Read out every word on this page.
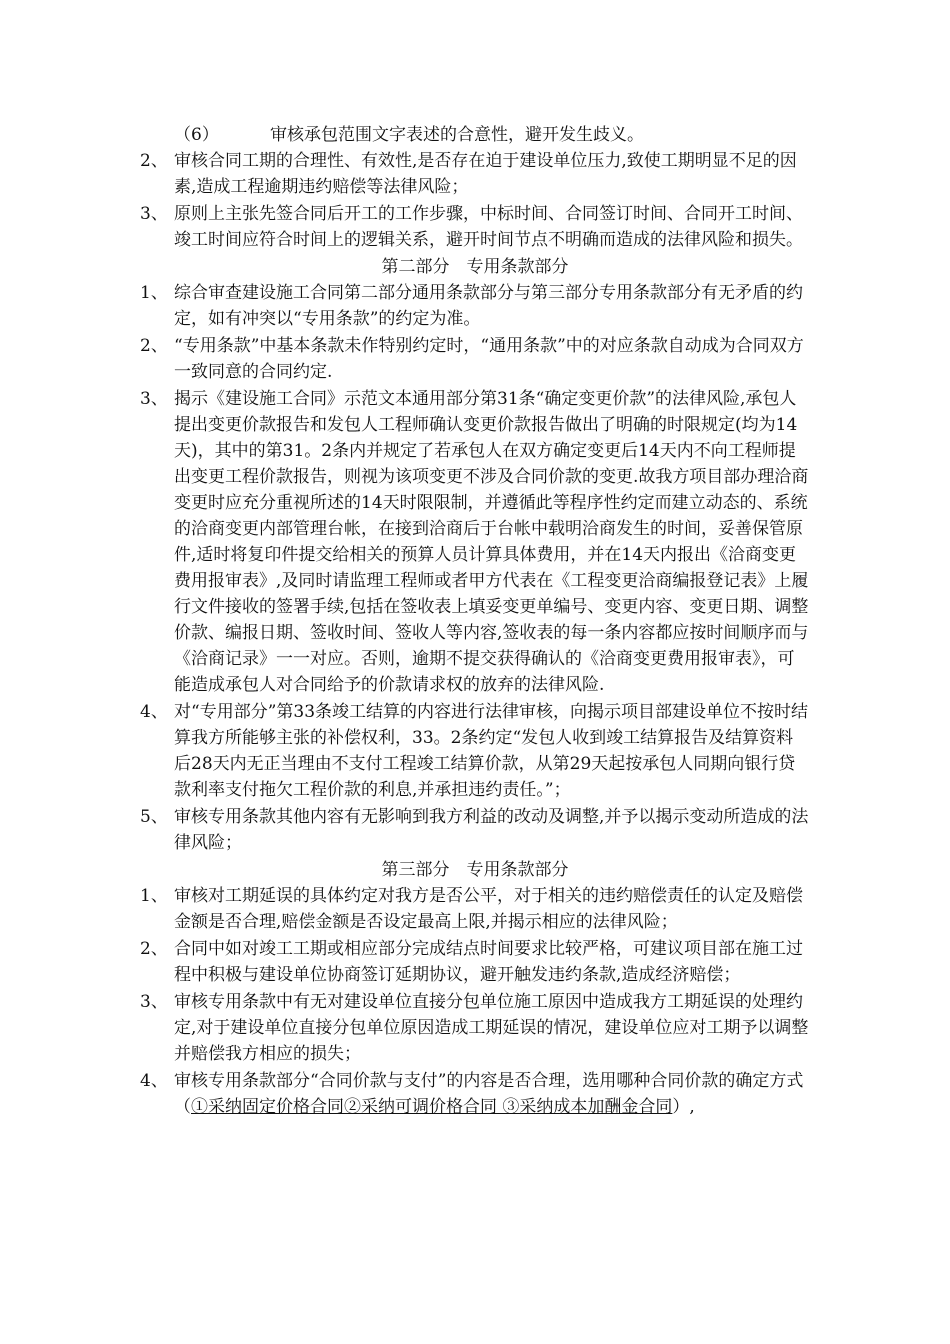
（6）	审核承包范围文字表述的合意性，避开发生歧义。

2、 审核合同工期的合理性、有效性,是否存在迫于建设单位压力,致使工期明显不足的因素,造成工程逾期违约赔偿等法律风险；

3、 原则上主张先签合同后开工的工作步骤，中标时间、合同签订时间、合同开工时间、竣工时间应符合时间上的逻辑关系，避开时间节点不明确而造成的法律风险和损失。

第二部分　专用条款部分

1、 综合审查建设施工合同第二部分通用条款部分与第三部分专用条款部分有无矛盾的约定，如有冲突以“专用条款”的约定为准。

2、 “专用条款”中基本条款未作特别约定时，“通用条款”中的对应条款自动成为合同双方一致同意的合同约定.

3、 揭示《建设施工合同》示范文本通用部分第31条“确定变更价款”的法律风险,承包人提出变更价款报告和发包人工程师确认变更价款报告做出了明确的时限规定(均为14天)，其中的第31。2条内并规定了若承包人在双方确定变更后14天内不向工程师提出变更工程价款报告，则视为该项变更不涉及合同价款的变更.故我方项目部办理洽商变更时应充分重视所述的14天时限限制，并遵循此等程序性约定而建立动态的、系统的洽商变更内部管理台帐，在接到洽商后于台帐中载明洽商发生的时间，妥善保管原件,适时将复印件提交给相关的预算人员计算具体费用，并在14天内报出《洽商变更费用报审表》,及同时请监理工程师或者甲方代表在《工程变更洽商编报登记表》上履行文件接收的签署手续,包括在签收表上填妥变更单编号、变更内容、变更日期、调整价款、编报日期、签收时间、签收人等内容,签收表的每一条内容都应按时间顺序而与《洽商记录》一一对应。否则，逾期不提交获得确认的《洽商变更费用报审表》，可能造成承包人对合同给予的价款请求权的放弃的法律风险.

4、 对“专用部分”第33条竣工结算的内容进行法律审核，向揭示项目部建设单位不按时结算我方所能够主张的补偿权利，33。2条约定“发包人收到竣工结算报告及结算资料后28天内无正当理由不支付工程竣工结算价款，从第29天起按承包人同期向银行贷款利率支付拖欠工程价款的利息,并承担违约责任。”；

5、 审核专用条款其他内容有无影响到我方利益的改动及调整,并予以揭示变动所造成的法律风险；

第三部分　专用条款部分

1、 审核对工期延误的具体约定对我方是否公平，对于相关的违约赔偿责任的认定及赔偿金额是否合理,赔偿金额是否设定最高上限,并揭示相应的法律风险；

2、 合同中如对竣工工期或相应部分完成结点时间要求比较严格，可建议项目部在施工过程中积极与建设单位协商签订延期协议，避开触发违约条款,造成经济赔偿；

3、 审核专用条款中有无对建设单位直接分包单位施工原因中造成我方工期延误的处理约定,对于建设单位直接分包单位原因造成工期延误的情况，建设单位应对工期予以调整并赔偿我方相应的损失；

4、 审核专用条款部分“合同价款与支付”的内容是否合理，选用哪种合同价款的确定方式（①采纳固定价格合同②采纳可调价格合同 ③采纳成本加酬金合同）,
